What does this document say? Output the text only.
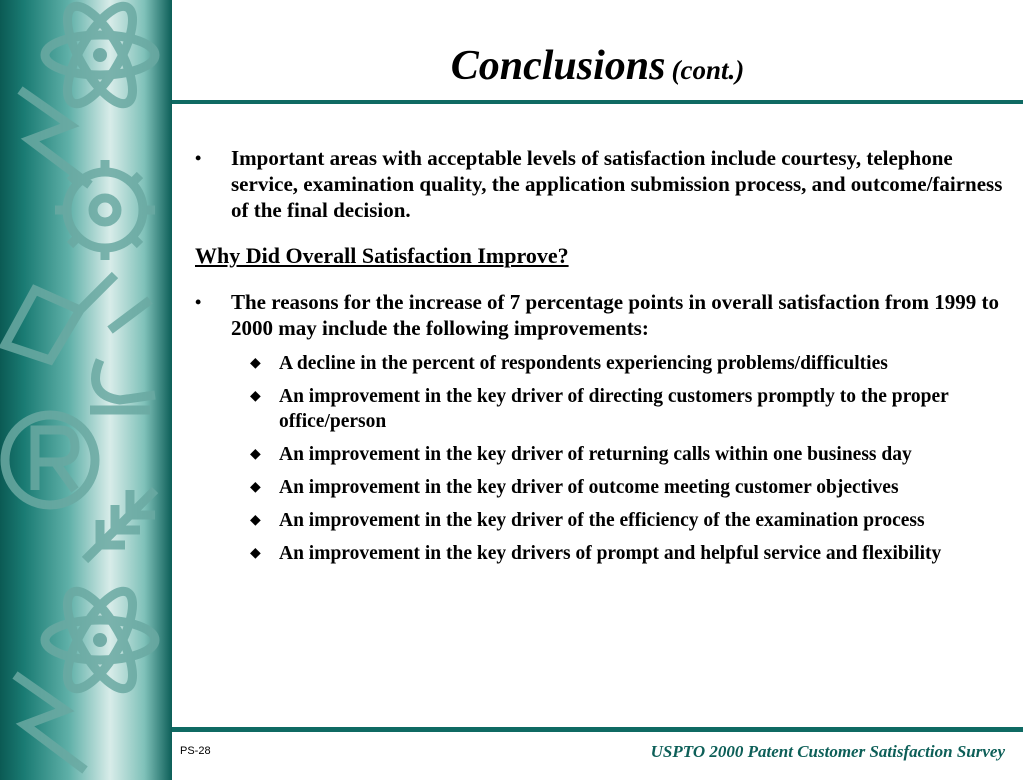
Conclusions (cont.)
• Important areas with acceptable levels of satisfaction include courtesy, telephone service, examination quality, the application submission process, and outcome/fairness of the final decision.
Why Did Overall Satisfaction Improve?
• The reasons for the increase of 7 percentage points in overall satisfaction from 1999 to 2000 may include the following improvements:
◆ A decline in the percent of respondents experiencing problems/difficulties
◆ An improvement in the key driver of directing customers promptly to the proper office/person
◆ An improvement in the key driver of returning calls within one business day
◆ An improvement in the key driver of outcome meeting customer objectives
◆ An improvement in the key driver of the efficiency of the examination process
◆ An improvement in the key drivers of prompt and helpful service and flexibility
PS-28	USPTO 2000 Patent Customer Satisfaction Survey
